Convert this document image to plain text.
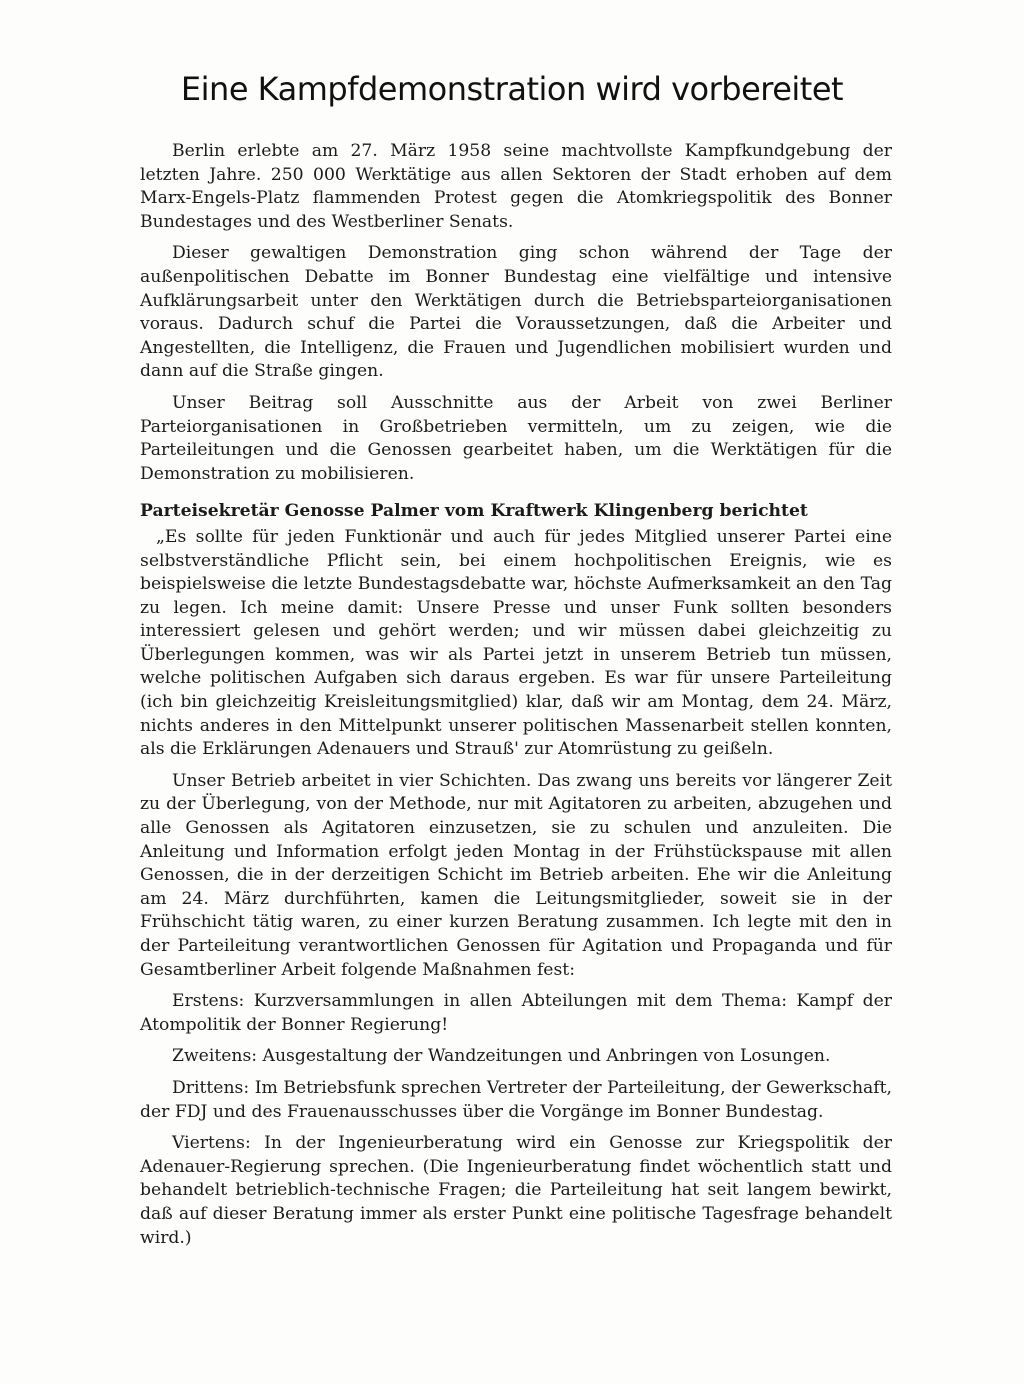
Eine Kampfdemonstration wird vorbereitet

Berlin erlebte am 27. März 1958 seine machtvollste Kampfkundgebung der letzten Jahre. 250 000 Werktätige aus allen Sektoren der Stadt erhoben auf dem Marx-Engels-Platz flammenden Protest gegen die Atomkriegspolitik des Bonner Bundestages und des Westberliner Senats.

Dieser gewaltigen Demonstration ging schon während der Tage der außenpolitischen Debatte im Bonner Bundestag eine vielfältige und intensive Aufklärungsarbeit unter den Werktätigen durch die Betriebsparteiorganisationen voraus. Dadurch schuf die Partei die Voraussetzungen, daß die Arbeiter und Angestellten, die Intelligenz, die Frauen und Jugendlichen mobilisiert wurden und dann auf die Straße gingen.

Unser Beitrag soll Ausschnitte aus der Arbeit von zwei Berliner Parteiorganisationen in Großbetrieben vermitteln, um zu zeigen, wie die Parteileitungen und die Genossen gearbeitet haben, um die Werktätigen für die Demonstration zu mobilisieren.

Parteisekretär Genosse Palmer vom Kraftwerk Klingenberg berichtet

„Es sollte für jeden Funktionär und auch für jedes Mitglied unserer Partei eine selbstverständliche Pflicht sein, bei einem hochpolitischen Ereignis, wie es beispielsweise die letzte Bundestagsdebatte war, höchste Aufmerksamkeit an den Tag zu legen. Ich meine damit: Unsere Presse und unser Funk sollten besonders interessiert gelesen und gehört werden; und wir müssen dabei gleichzeitig zu Überlegungen kommen, was wir als Partei jetzt in unserem Betrieb tun müssen, welche politischen Aufgaben sich daraus ergeben. Es war für unsere Parteileitung (ich bin gleichzeitig Kreisleitungsmitglied) klar, daß wir am Montag, dem 24. März, nichts anderes in den Mittelpunkt unserer politischen Massenarbeit stellen konnten, als die Erklärungen Adenauers und Strauß' zur Atomrüstung zu geißeln.

Unser Betrieb arbeitet in vier Schichten. Das zwang uns bereits vor längerer Zeit zu der Überlegung, von der Methode, nur mit Agitatoren zu arbeiten, abzugehen und alle Genossen als Agitatoren einzusetzen, sie zu schulen und anzuleiten. Die Anleitung und Information erfolgt jeden Montag in der Frühstückspause mit allen Genossen, die in der derzeitigen Schicht im Betrieb arbeiten. Ehe wir die Anleitung am 24. März durchführten, kamen die Leitungsmitglieder, soweit sie in der Frühschicht tätig waren, zu einer kurzen Beratung zusammen. Ich legte mit den in der Parteileitung verantwortlichen Genossen für Agitation und Propaganda und für Gesamtberliner Arbeit folgende Maßnahmen fest:

Erstens: Kurzversammlungen in allen Abteilungen mit dem Thema: Kampf der Atompolitik der Bonner Regierung!

Zweitens: Ausgestaltung der Wandzeitungen und Anbringen von Losungen.

Drittens: Im Betriebsfunk sprechen Vertreter der Parteileitung, der Gewerkschaft, der FDJ und des Frauenausschusses über die Vorgänge im Bonner Bundestag.

Viertens: In der Ingenieurberatung wird ein Genosse zur Kriegspolitik der Adenauer-Regierung sprechen. (Die Ingenieurberatung findet wöchentlich statt und behandelt betrieblich-technische Fragen; die Parteileitung hat seit langem bewirkt, daß auf dieser Beratung immer als erster Punkt eine politische Tagesfrage behandelt wird.)
